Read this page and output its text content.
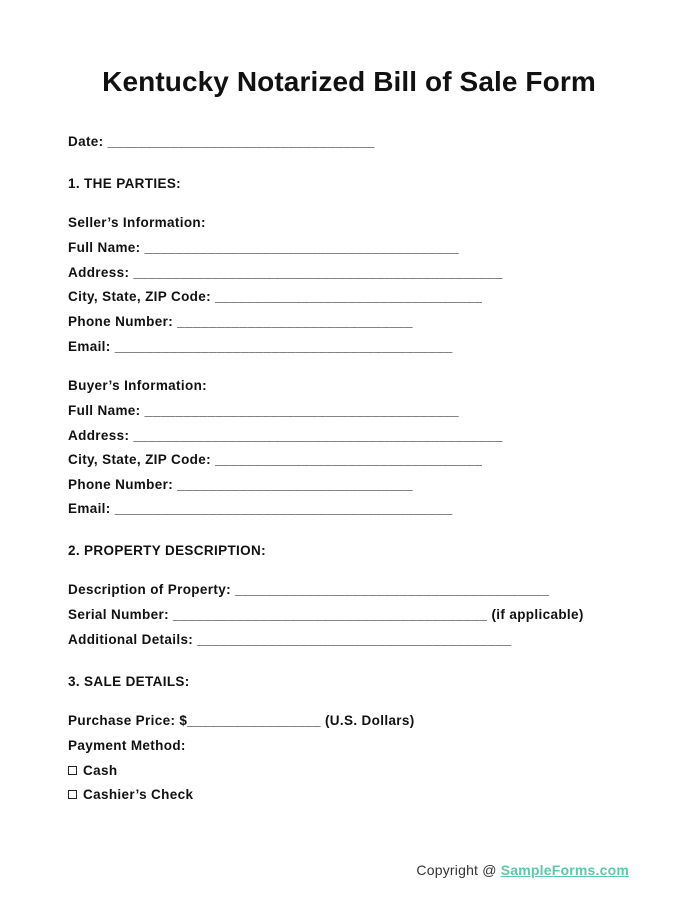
Kentucky Notarized Bill of Sale Form
Date: __________________________________
1. THE PARTIES:
Seller’s Information:
Full Name: ________________________________________
Address: _______________________________________________
City, State, ZIP Code: __________________________________
Phone Number: ______________________________
Email: ___________________________________________
Buyer’s Information:
Full Name: ________________________________________
Address: _______________________________________________
City, State, ZIP Code: __________________________________
Phone Number: ______________________________
Email: ___________________________________________
2. PROPERTY DESCRIPTION:
Description of Property: ________________________________________
Serial Number: ________________________________________ (if applicable)
Additional Details: ________________________________________
3. SALE DETAILS:
Purchase Price: $_________________ (U.S. Dollars)
Payment Method:
Cash
Cashier’s Check
Copyright @ SampleForms.com
